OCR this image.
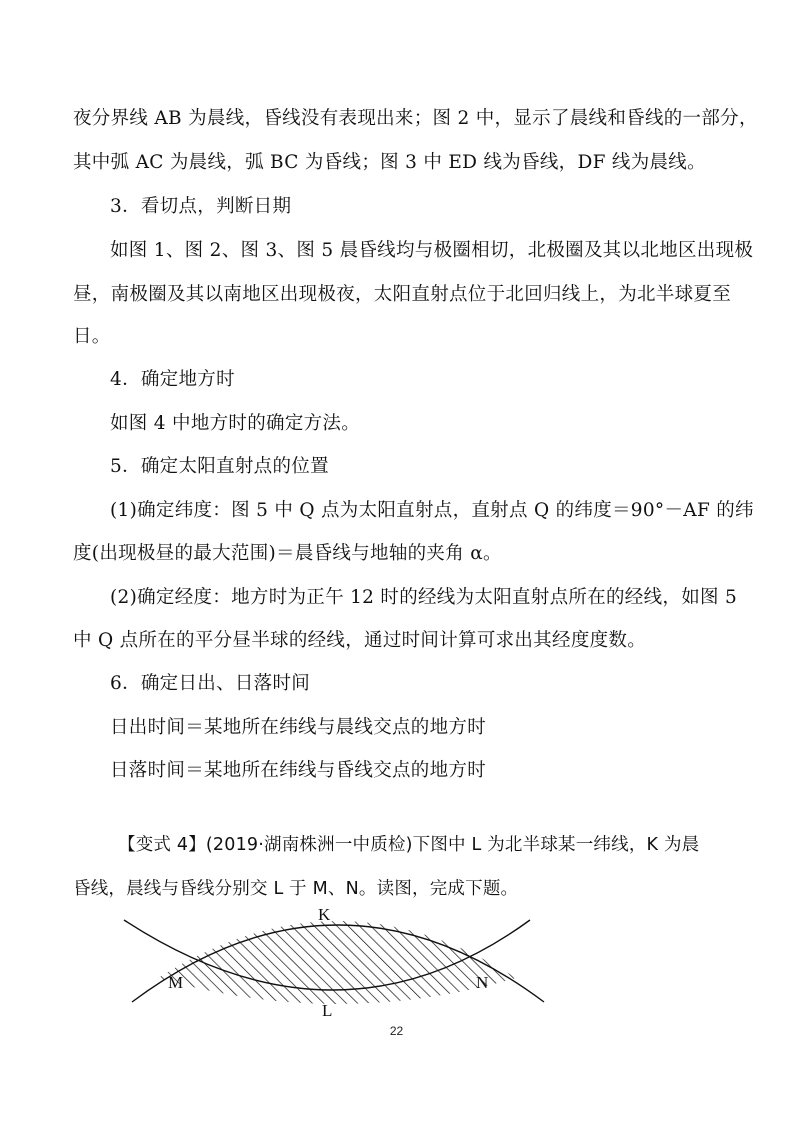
夜分界线 AB 为晨线，昏线没有表现出来；图 2 中，显示了晨线和昏线的一部分，
其中弧 AC 为晨线，弧 BC 为昏线；图 3 中 ED 线为昏线，DF 线为晨线。
3．看切点，判断日期
如图 1、图 2、图 3、图 5 晨昏线均与极圈相切，北极圈及其以北地区出现极
昼，南极圈及其以南地区出现极夜，太阳直射点位于北回归线上，为北半球夏至
日。
4．确定地方时
如图 4 中地方时的确定方法。
5．确定太阳直射点的位置
(1)确定纬度：图 5 中 Q 点为太阳直射点，直射点 Q 的纬度＝90°－AF 的纬
度(出现极昼的最大范围)＝晨昏线与地轴的夹角 α。
(2)确定经度：地方时为正午 12 时的经线为太阳直射点所在的经线，如图 5
中 Q 点所在的平分昼半球的经线，通过时间计算可求出其经度度数。
6．确定日出、日落时间
日出时间＝某地所在纬线与晨线交点的地方时
日落时间＝某地所在纬线与昏线交点的地方时
【变式 4】(2019·湖南株洲一中质检)下图中 L 为北半球某一纬线，K 为晨
昏线，晨线与昏线分别交 L 于 M、N。读图，完成下题。
K
M	N
L
22
